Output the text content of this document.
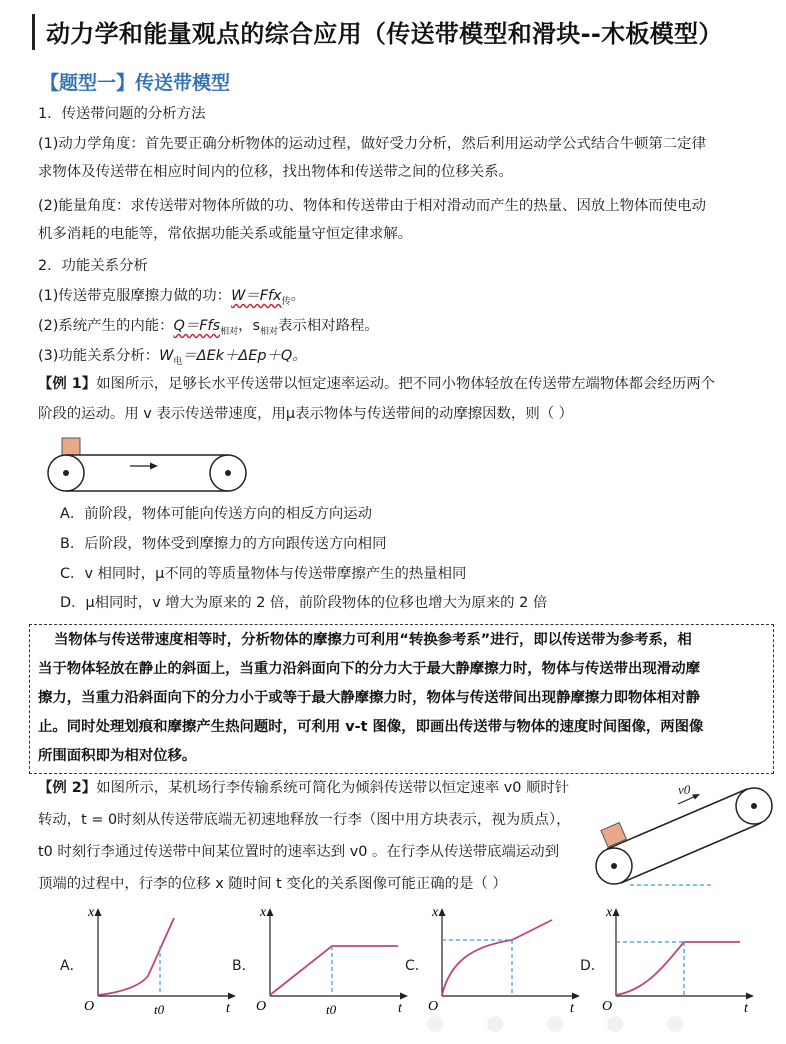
动力学和能量观点的综合应用（传送带模型和滑块--木板模型）
【题型一】传送带模型
1．传送带问题的分析方法
(1)动力学角度：首先要正确分析物体的运动过程，做好受力分析，然后利用运动学公式结合牛顿第二定律
求物体及传送带在相应时间内的位移，找出物体和传送带之间的位移关系。
(2)能量角度：求传送带对物体所做的功、物体和传送带由于相对滑动而产生的热量、因放上物体而使电动
机多消耗的电能等，常依据功能关系或能量守恒定律求解。
2．功能关系分析
(1)传送带克服摩擦力做的功：W＝Ffx$_传$。
(2)系统产生的内能：Q＝Ffs$_{相对}$，$s_{相对}$表示相对路程。
(3)功能关系分析：$W_电=\Delta Ek+\Delta Ep+Q$。
【例 1】如图所示，足够长水平传送带以恒定速率运动。把不同小物体轻放在传送带左端物体都会经历两个
阶段的运动。用 v 表示传送带速度，用μ表示物体与传送带间的动摩擦因数，则（ ）
A．前阶段，物体可能向传送方向的相反方向运动
B．后阶段，物体受到摩擦力的方向跟传送方向相同
C．v 相同时，μ不同的等质量物体与传送带摩擦产生的热量相同
D．μ相同时，v 增大为原来的 2 倍，前阶段物体的位移也增大为原来的 2 倍
当物体与传送带速度相等时，分析物体的摩擦力可利用“转换参考系”进行，即以传送带为参考系，相
当于物体轻放在静止的斜面上，当重力沿斜面向下的分力大于最大静摩擦力时，物体与传送带出现滑动摩
擦力，当重力沿斜面向下的分力小于或等于最大静摩擦力时，物体与传送带间出现静摩擦力即物体相对静
止。同时处理划痕和摩擦产生热问题时，可利用 v-t 图像，即画出传送带与物体的速度时间图像，两图像
所围面积即为相对位移。
【例 2】如图所示，某机场行李传输系统可简化为倾斜传送带以恒定速率 v0 顺时针
转动，t = 0时刻从传送带底端无初速地释放一行李（图中用方块表示，视为质点），
t0 时刻行李通过传送带中间某位置时的速率达到 v0 。在行李从传送带底端运动到
顶端的过程中，行李的位移 x 随时间 t 变化的关系图像可能正确的是（ ）
v0
A．	B．	C．	D．
x
t
O	t0
x
t
O	t0
x
t
O
x
t
O
